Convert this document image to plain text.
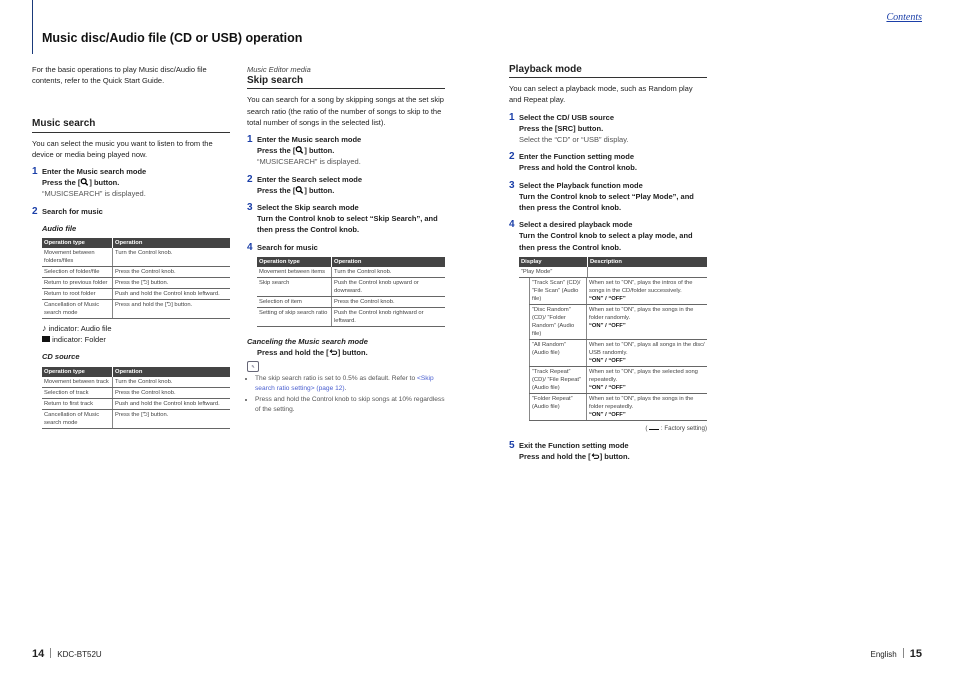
Contents
Music disc/Audio file (CD or USB) operation

For the basic operations to play Music disc/Audio file contents, refer to the Quick Start Guide.

Music search

You can select the music you want to listen to from the device or media being played now.

1 Enter the Music search mode
Press the [ ] button.
“MUSICSEARCH” is displayed.
2 Search for music
Audio file
Operation type	Operation
Movement between folders/files	Turn the Control knob.
Selection of folder/file	Press the Control knob.
Return to previous folder	Press the [⮌] button.
Return to root folder	Push and hold the Control knob leftward.
Cancellation of Music search mode	Press and hold the [⮌] button.
♪ indicator: Audio file
indicator: Folder
CD source
Operation type	Operation
Movement between track	Turn the Control knob.
Selection of track	Press the Control knob.
Return to first track	Push and hold the Control knob leftward.
Cancellation of Music search mode	Press the [⮌] button.
Music Editor media
Skip search

You can search for a song by skipping songs at the set skip search ratio (the ratio of the number of songs to skip to the total number of songs in the selected list).

1 Enter the Music search mode
Press the [ ] button.
“MUSICSEARCH” is displayed.
2 Enter the Search select mode
Press the [ ] button.
3 Select the Skip search mode
Turn the Control knob to select “Skip Search”, and then press the Control knob.
4 Search for music
Operation type	Operation
Movement between items	Turn the Control knob.
Skip search	Push the Control knob upward or downward.
Selection of item	Press the Control knob.
Setting of skip search ratio	Push the Control knob rightward or leftward.
Canceling the Music search mode
Press and hold the [ ] button.
✎
• The skip search ratio is set to 0.5% as default. Refer to <Skip search ratio setting> (page 12).
• Press and hold the Control knob to skip songs at 10% regardless of the setting.
Playback mode

You can select a playback mode, such as Random play and Repeat play.

1 Select the CD/ USB source
Press the [SRC] button.
Select the “CD” or “USB” display.
2 Enter the Function setting mode
Press and hold the Control knob.
3 Select the Playback function mode
Turn the Control knob to select “Play Mode”, and then press the Control knob.
4 Select a desired playback mode
Turn the Control knob to select a play mode, and then press the Control knob.
Display	Description
“Play Mode”	
“Track Scan” (CD)/ “File Scan” (Audio file)	When set to “ON”, plays the intros of the songs in the CD/folder successively.
“ON” / “OFF”

“Disc Random” (CD)/ “Folder Random” (Audio file)	When set to “ON”, plays the songs in the folder randomly.
“ON” / “OFF”

“All Random” (Audio file)	When set to “ON”, plays all songs in the disc/ USB randomly.
“ON” / “OFF”

“Track Repeat” (CD)/ “File Repeat” (Audio file)	When set to “ON”, plays the selected song repeatedly.
“ON” / “OFF”

“Folder Repeat” (Audio file)	When set to “ON”, plays the songs in the folder repeatedly.
“ON” / “OFF”
(  : Factory setting)
5 Exit the Function setting mode
Press and hold the [ ] button.
14 KDC-BT52U	English 15
